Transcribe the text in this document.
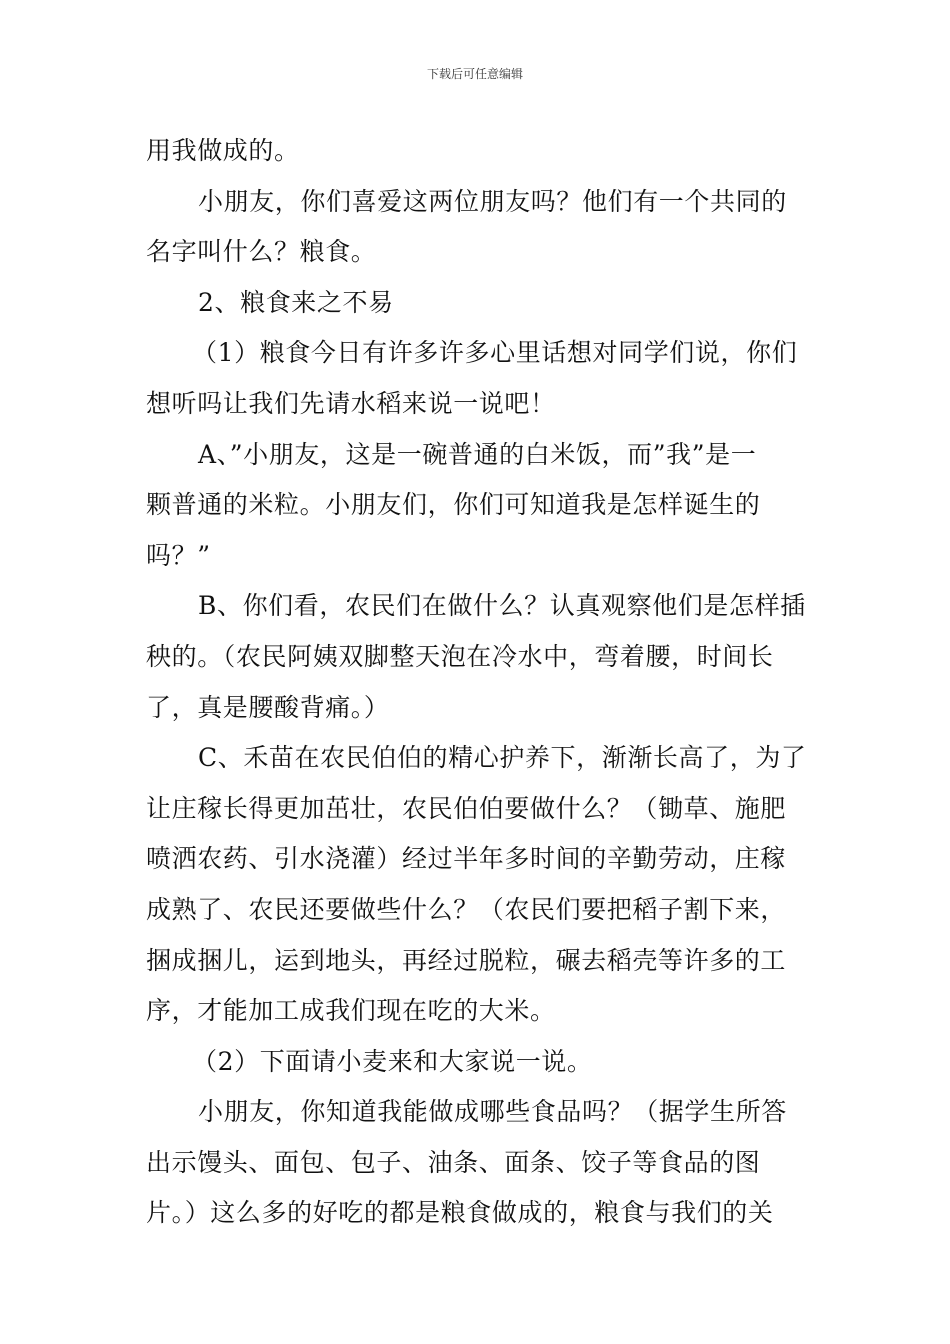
下载后可任意编辑
用我做成的。
小朋友，你们喜爱这两位朋友吗？他们有一个共同的
名字叫什么？粮食。
2、粮食来之不易
（1）粮食今日有许多许多心里话想对同学们说，你们
想听吗让我们先请水稻来说一说吧！
A、”小朋友，这是一碗普通的白米饭，而”我”是一
颗普通的米粒。小朋友们，你们可知道我是怎样诞生的
吗？”
B、你们看，农民们在做什么？认真观察他们是怎样插
秧的。（农民阿姨双脚整天泡在冷水中，弯着腰，时间长
了，真是腰酸背痛。）
C、禾苗在农民伯伯的精心护养下，渐渐长高了，为了
让庄稼长得更加茁壮，农民伯伯要做什么？（锄草、施肥
喷洒农药、引水浇灌）经过半年多时间的辛勤劳动，庄稼
成熟了、农民还要做些什么？（农民们要把稻子割下来，
捆成捆儿，运到地头，再经过脱粒，碾去稻壳等许多的工
序，才能加工成我们现在吃的大米。
（2）下面请小麦来和大家说一说。
小朋友，你知道我能做成哪些食品吗？（据学生所答
出示馒头、面包、包子、油条、面条、饺子等食品的图
片。）这么多的好吃的都是粮食做成的，粮食与我们的关
